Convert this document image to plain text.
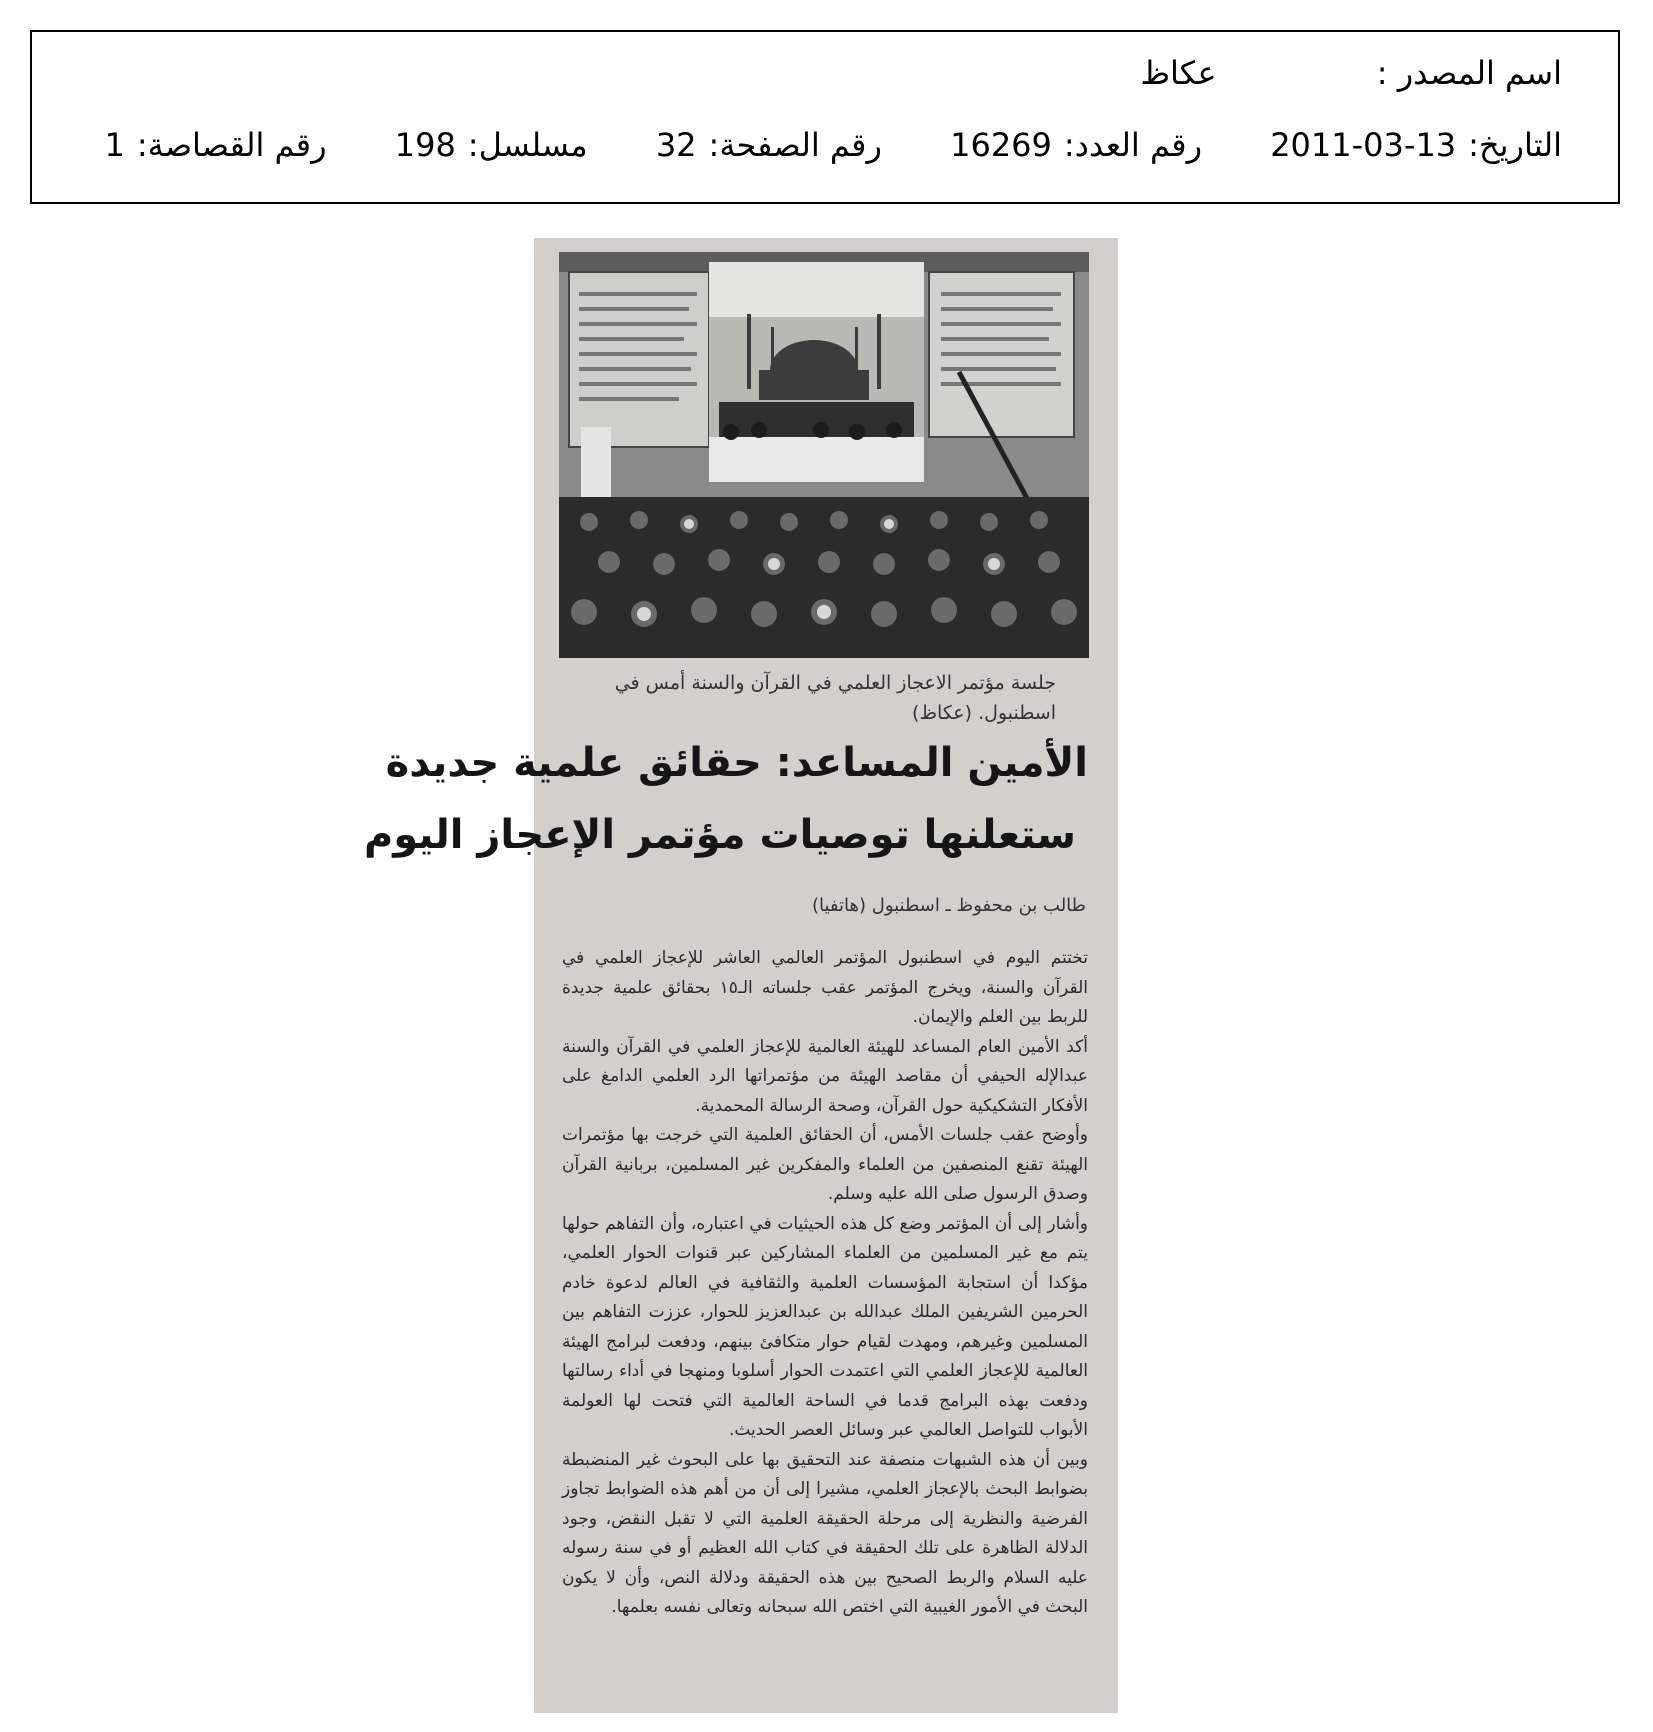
اسم المصدر : عكاظ
التاريخ:2011-03-13 رقم العدد:16269 رقم الصفحة:32 مسلسل:198 رقم القصاصة:1
جلسة مؤتمر الاعجاز العلمي في القرآن والسنة أمس في اسطنبول. (عكاظ)
الأمين المساعد: حقائق علمية جديدة
ستعلنها توصيات مؤتمر الإعجاز اليوم
طالب بن محفوظ ـ اسطنبول (هاتفيا)

تختتم اليوم في اسطنبول المؤتمر العالمي العاشر للإعجاز العلمي في القرآن والسنة، ويخرج المؤتمر عقب جلساته الـ١٥ بحقائق علمية جديدة للربط بين العلم والإيمان.

أكد الأمين العام المساعد للهيئة العالمية للإعجاز العلمي في القرآن والسنة عبدالإله الحيفي أن مقاصد الهيئة من مؤتمراتها الرد العلمي الدامغ على الأفكار التشكيكية حول القرآن، وصحة الرسالة المحمدية.

وأوضح عقب جلسات الأمس، أن الحقائق العلمية التي خرجت بها مؤتمرات الهيئة تقنع المنصفين من العلماء والمفكرين غير المسلمين، بربانية القرآن وصدق الرسول صلى الله عليه وسلم.

وأشار إلى أن المؤتمر وضع كل هذه الحيثيات في اعتباره، وأن التفاهم حولها يتم مع غير المسلمين من العلماء المشاركين عبر قنوات الحوار العلمي، مؤكدا أن استجابة المؤسسات العلمية والثقافية في العالم لدعوة خادم الحرمين الشريفين الملك عبدالله بن عبدالعزيز للحوار، عززت التفاهم بين المسلمين وغيرهم، ومهدت لقيام حوار متكافئ بينهم، ودفعت لبرامج الهيئة العالمية للإعجاز العلمي التي اعتمدت الحوار أسلوبا ومنهجا في أداء رسالتها ودفعت بهذه البرامج قدما في الساحة العالمية التي فتحت لها العولمة الأبواب للتواصل العالمي عبر وسائل العصر الحديث.

وبين أن هذه الشبهات منصفة عند التحقيق بها على البحوث غير المنضبطة بضوابط البحث بالإعجاز العلمي، مشيرا إلى أن من أهم هذه الضوابط تجاوز الفرضية والنظرية إلى مرحلة الحقيقة العلمية التي لا تقبل النقض، وجود الدلالة الظاهرة على تلك الحقيقة في كتاب الله العظيم أو في سنة رسوله عليه السلام والربط الصحيح بين هذه الحقيقة ودلالة النص، وأن لا يكون البحث في الأمور الغيبية التي اختص الله سبحانه وتعالى نفسه بعلمها.
